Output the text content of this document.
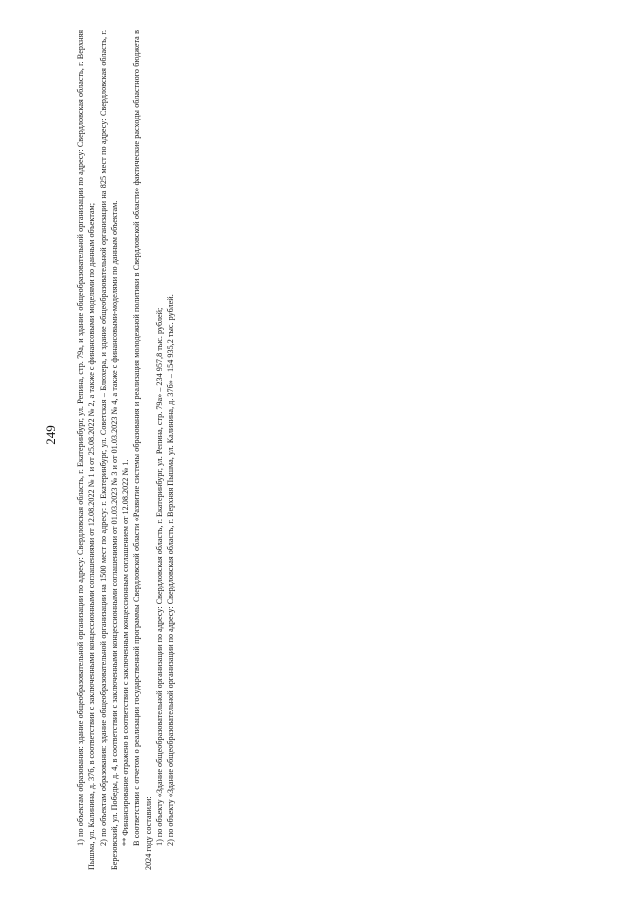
249	1) по объектам образования: здание общеобразовательной организации по адресу: Свердловская область, г. Екатеринбург, ул. Репина, стр. 79а, и здание общеобразовательной организации по адресу: Свердловская область, г. Верхняя Пышма, ул. Калинина, д. 37б, в соответствии с заключенными концессионными соглашениями от 12.08.2022 № 1 и от 25.08.2022 № 2, а также с финансовыми моделями по данным объектам; 2) по объектам образования: здание общеобразовательной организации на 1500 мест по адресу: г. Екатеринбург, ул. Советская – Блюхера, и здание общеобразовательной организации на 825 мест по адресу: Свердловская область, г. Березовский, ул. Победы, д. 4, в соответствии с заключенными концессионными соглашениями от 01.03.2023 № 3 и от 01.03.2023 № 4, а также с финансовыми-моделями по данным объектам. ** Финансирование отражено в соответствии с заключенным концессионным соглашением от 12.08.2022 № 1. В соответствии с отчетом о реализации государственной программы Свердловской области «Развитие системы образования и реализация молодежной политики в Свердловской области» фактические расходы областного бюджета в 2024 году составили: 1) по объекту «Здание общеобразовательной организации по адресу: Свердловская область, г. Екатеринбург, ул. Репина, стр. 79а» – 234 957,8 тыс. рублей; 2) по объекту «Здание общеобразовательной организации по адресу: Свердловская область, г. Верхняя Пышма, ул. Калинина, д. 37б» – 154 935,2 тыс. рублей.
